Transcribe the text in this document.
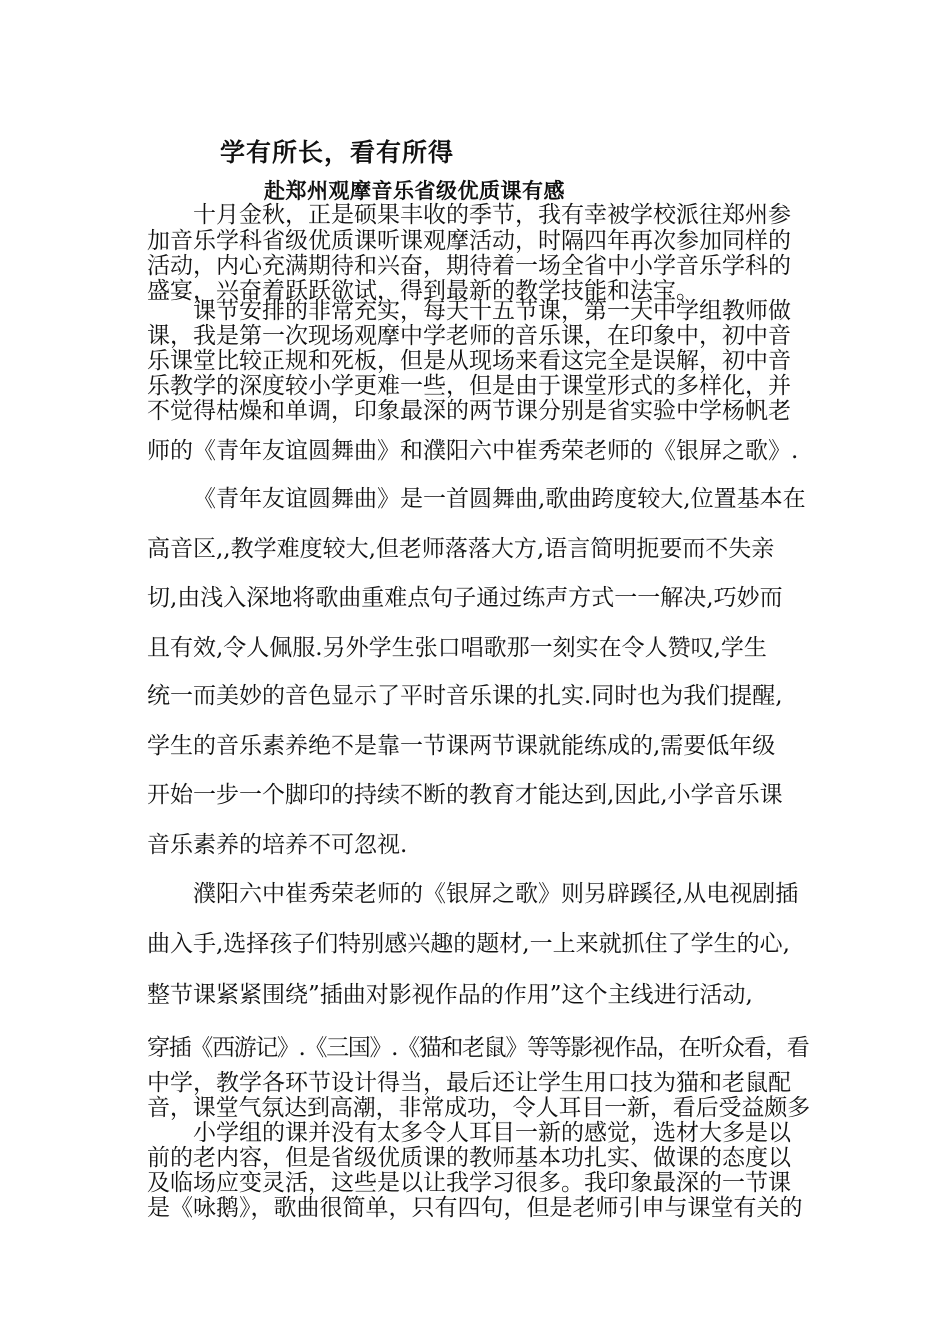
学有所长，看有所得
赴郑州观摩音乐省级优质课有感
十月金秋，正是硕果丰收的季节，我有幸被学校派往郑州参
加音乐学科省级优质课听课观摩活动，时隔四年再次参加同样的
活动，内心充满期待和兴奋，期待着一场全省中小学音乐学科的
盛宴，兴奋着跃跃欲试，得到最新的教学技能和法宝。
课节安排的非常充实，每天十五节课，第一天中学组教师做
课，我是第一次现场观摩中学老师的音乐课，在印象中，初中音
乐课堂比较正规和死板，但是从现场来看这完全是误解，初中音
乐教学的深度较小学更难一些，但是由于课堂形式的多样化，并
不觉得枯燥和单调，印象最深的两节课分别是省实验中学杨帆老
师的《青年友谊圆舞曲》和濮阳六中崔秀荣老师的《银屏之歌》.
《青年友谊圆舞曲》是一首圆舞曲,歌曲跨度较大,位置基本在
高音区,,教学难度较大,但老师落落大方,语言简明扼要而不失亲
切,由浅入深地将歌曲重难点句子通过练声方式一一解决,巧妙而
且有效,令人佩服.另外学生张口唱歌那一刻实在令人赞叹,学生
统一而美妙的音色显示了平时音乐课的扎实.同时也为我们提醒,
学生的音乐素养绝不是靠一节课两节课就能练成的,需要低年级
开始一步一个脚印的持续不断的教育才能达到,因此,小学音乐课
音乐素养的培养不可忽视.
濮阳六中崔秀荣老师的《银屏之歌》则另辟蹊径,从电视剧插
曲入手,选择孩子们特别感兴趣的题材,一上来就抓住了学生的心,
整节课紧紧围绕”插曲对影视作品的作用”这个主线进行活动,
穿插《西游记》.《三国》.《猫和老鼠》等等影视作品，在听众看，看
中学，教学各环节设计得当，最后还让学生用口技为猫和老鼠配
音，课堂气氛达到高潮，非常成功，令人耳目一新，看后受益颇多
小学组的课并没有太多令人耳目一新的感觉，选材大多是以
前的老内容，但是省级优质课的教师基本功扎实、做课的态度以
及临场应变灵活，这些是以让我学习很多。我印象最深的一节课
是《咏鹅》，歌曲很简单，只有四句，但是老师引申与课堂有关的
